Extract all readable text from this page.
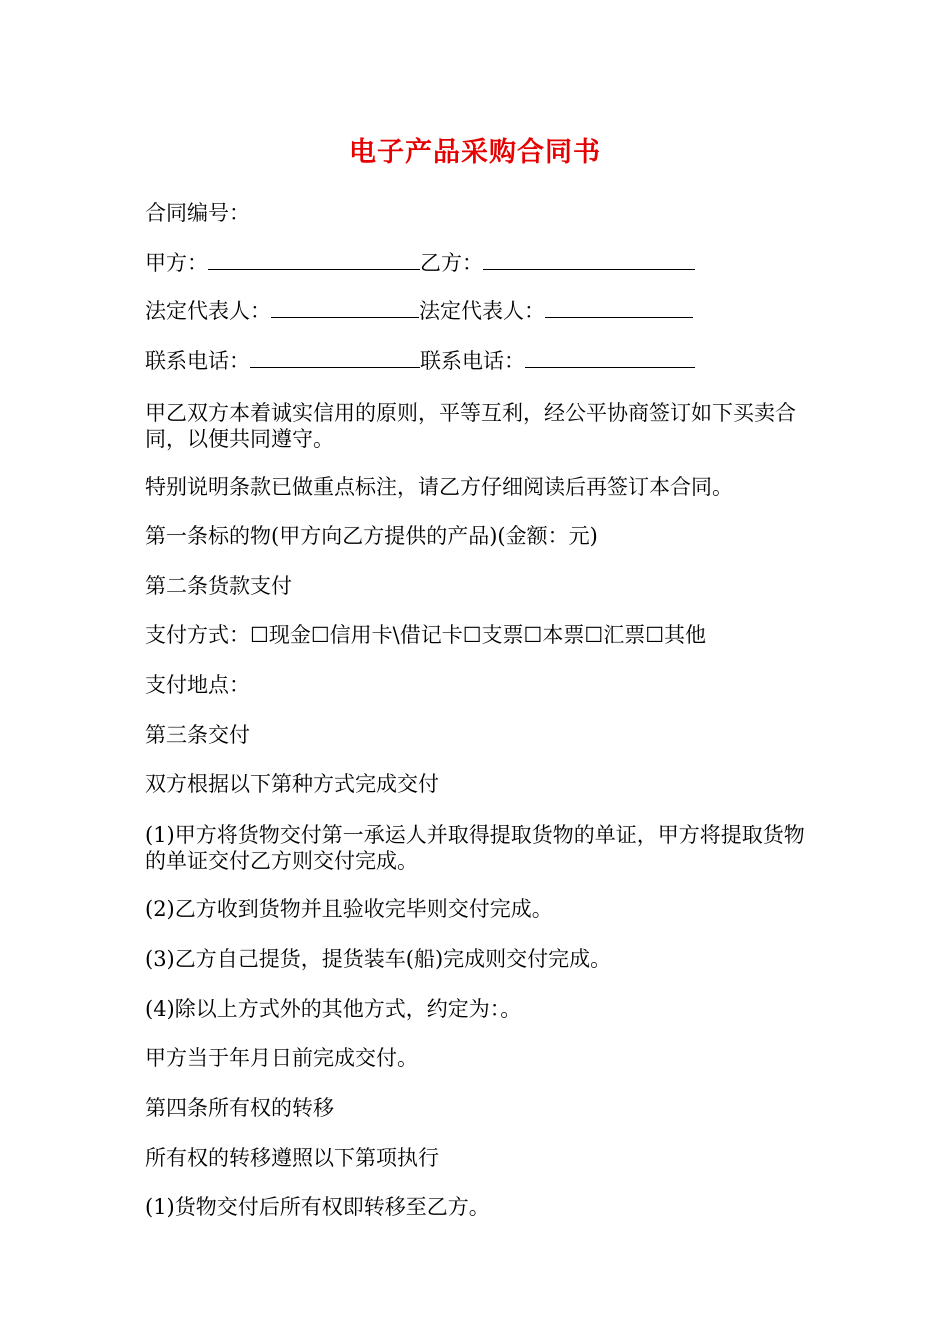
电子产品采购合同书

合同编号：

甲方：	乙方：

法定代表人：	法定代表人：

联系电话：	联系电话：

甲乙双方本着诚实信用的原则，平等互利，经公平协商签订如下买卖合同，以便共同遵守。

特别说明条款已做重点标注，请乙方仔细阅读后再签订本合同。

第一条标的物(甲方向乙方提供的产品)(金额：元)

第二条货款支付

支付方式：☐现金☐信用卡\借记卡☐支票☐本票☐汇票☐其他

支付地点：

第三条交付

双方根据以下第种方式完成交付

(1)甲方将货物交付第一承运人并取得提取货物的单证，甲方将提取货物的单证交付乙方则交付完成。

(2)乙方收到货物并且验收完毕则交付完成。

(3)乙方自己提货，提货装车(船)完成则交付完成。

(4)除以上方式外的其他方式，约定为：。

甲方当于年月日前完成交付。

第四条所有权的转移

所有权的转移遵照以下第项执行

(1)货物交付后所有权即转移至乙方。
